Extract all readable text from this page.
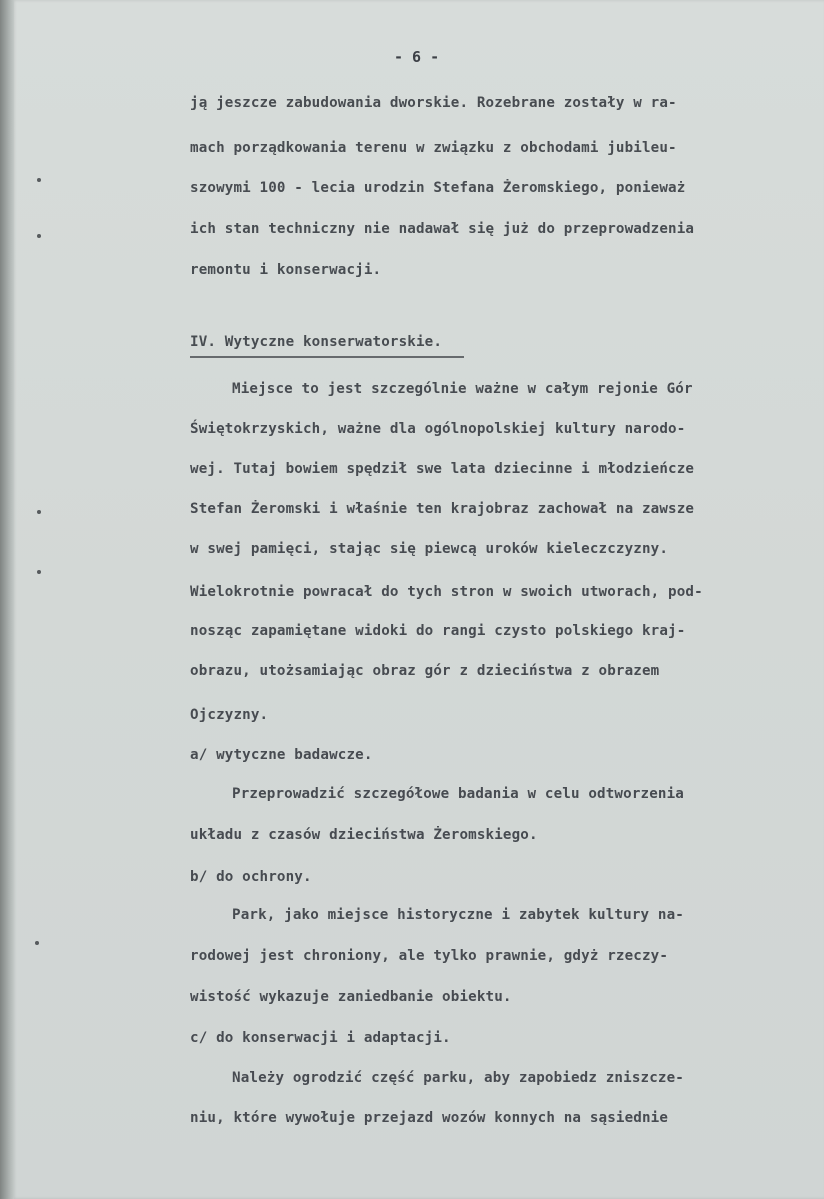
- 6 -
ją jeszcze zabudowania dworskie. Rozebrane zostały w ra-
mach porządkowania terenu w związku z obchodami jubileu-
szowymi 100 - lecia urodzin Stefana Żeromskiego, ponieważ
ich stan techniczny nie nadawał się już do przeprowadzenia
remontu i konserwacji.
IV. Wytyczne konserwatorskie.
Miejsce to jest szczególnie ważne w całym rejonie Gór
Świętokrzyskich, ważne dla ogólnopolskiej kultury narodo-
wej. Tutaj bowiem spędził swe lata dziecinne i młodzieńcze
Stefan Żeromski i właśnie ten krajobraz zachował na zawsze
w swej pamięci, stając się piewcą uroków kieleczczyzny.
Wielokrotnie powracał do tych stron w swoich utworach, pod-
nosząc zapamiętane widoki do rangi czysto polskiego kraj-
obrazu, utożsamiając obraz gór z dzieciństwa z obrazem
Ojczyzny.
a/ wytyczne badawcze.
Przeprowadzić szczegółowe badania w celu odtworzenia
układu z czasów dzieciństwa Żeromskiego.
b/ do ochrony.
Park, jako miejsce historyczne i zabytek kultury na-
rodowej jest chroniony, ale tylko prawnie, gdyż rzeczy-
wistość wykazuje zaniedbanie obiektu.
c/ do konserwacji i adaptacji.
Należy ogrodzić część parku, aby zapobiedz zniszcze-
niu, które wywołuje przejazd wozów konnych na sąsiednie
